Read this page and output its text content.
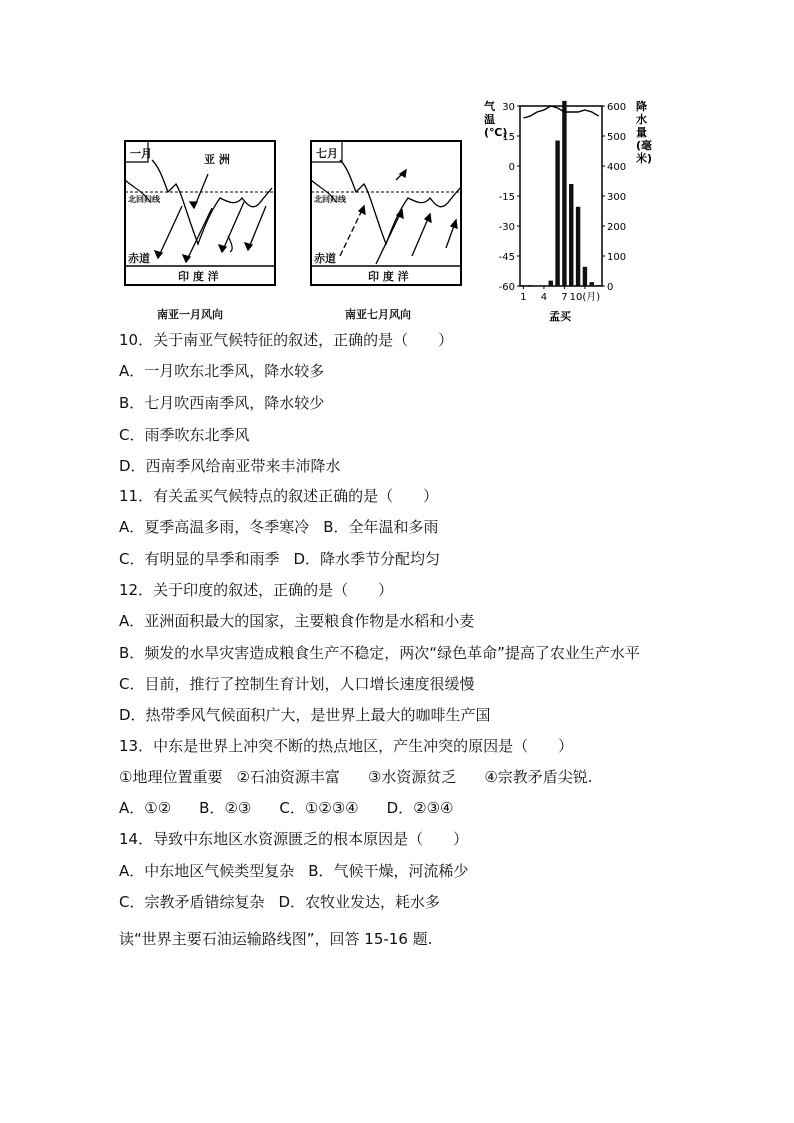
一月	亚 洲
北回归线
赤道
印 度 洋
南亚一月风向
七月
北回归线
赤道
印 度 洋
南亚七月风向
气温(℃)
降水量(毫米)
30
15
0
-15
-30
-45
-60
600
500
400
300
200
100
0
1 4 7 10(月)
孟买
10．关于南亚气候特征的叙述，正确的是（　　）
A．一月吹东北季风，降水较多
B．七月吹西南季风，降水较少
C．雨季吹东北季风
D．西南季风给南亚带来丰沛降水
11．有关孟买气候特点的叙述正确的是（　　）
A．夏季高温多雨，冬季寒冷 B．全年温和多雨
C．有明显的旱季和雨季 D．降水季节分配均匀
12．关于印度的叙述，正确的是（　　）
A．亚洲面积最大的国家，主要粮食作物是水稻和小麦
B．频发的水旱灾害造成粮食生产不稳定，两次“绿色革命”提高了农业生产水平
C．目前，推行了控制生育计划，人口增长速度很缓慢
D．热带季风气候面积广大，是世界上最大的咖啡生产国
13．中东是世界上冲突不断的热点地区，产生冲突的原因是（　　）
①地理位置重要 ②石油资源丰富 ③水资源贫乏 ④宗教矛盾尖锐.
A．①② B．②③ C．①②③④ D．②③④
14．导致中东地区水资源匮乏的根本原因是（　　）
A．中东地区气候类型复杂 B．气候干燥，河流稀少
C．宗教矛盾错综复杂 D．农牧业发达，耗水多
读“世界主要石油运输路线图”，回答 15-16 题.
